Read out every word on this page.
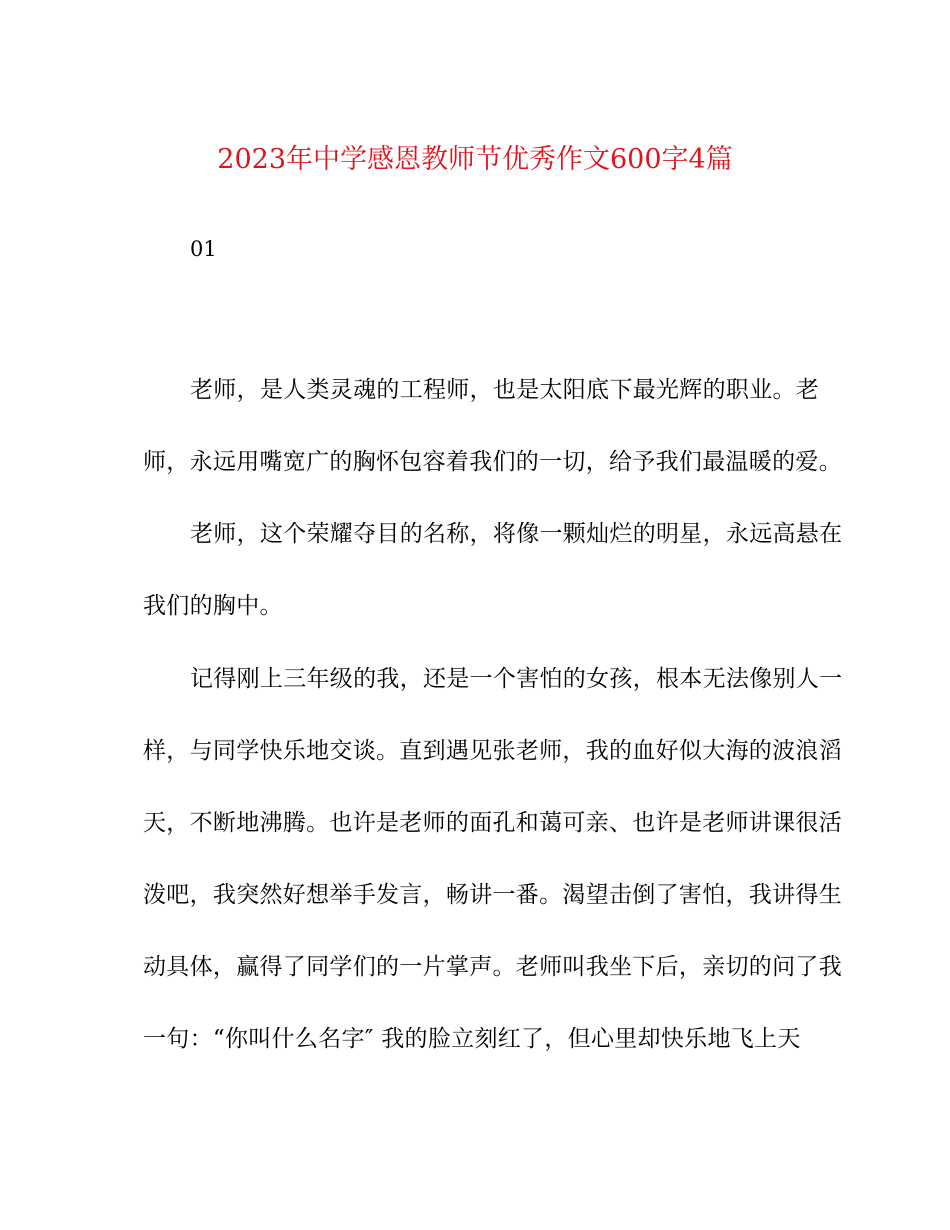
2023年中学感恩教师节优秀作文600字4篇
01
老师，是人类灵魂的工程师，也是太阳底下最光辉的职业。老
师，永远用嘴宽广的胸怀包容着我们的一切，给予我们最温暖的爱。
老师，这个荣耀夺目的名称，将像一颗灿烂的明星，永远高悬在
我们的胸中。
记得刚上三年级的我，还是一个害怕的女孩，根本无法像别人一
样，与同学快乐地交谈。直到遇见张老师，我的血好似大海的波浪滔
天，不断地沸腾。也许是老师的面孔和蔼可亲、也许是老师讲课很活
泼吧，我突然好想举手发言，畅讲一番。渴望击倒了害怕，我讲得生
动具体，赢得了同学们的一片掌声。老师叫我坐下后，亲切的问了我
一句：“你叫什么名字″ 我的脸立刻红了，但心里却快乐地飞上天
